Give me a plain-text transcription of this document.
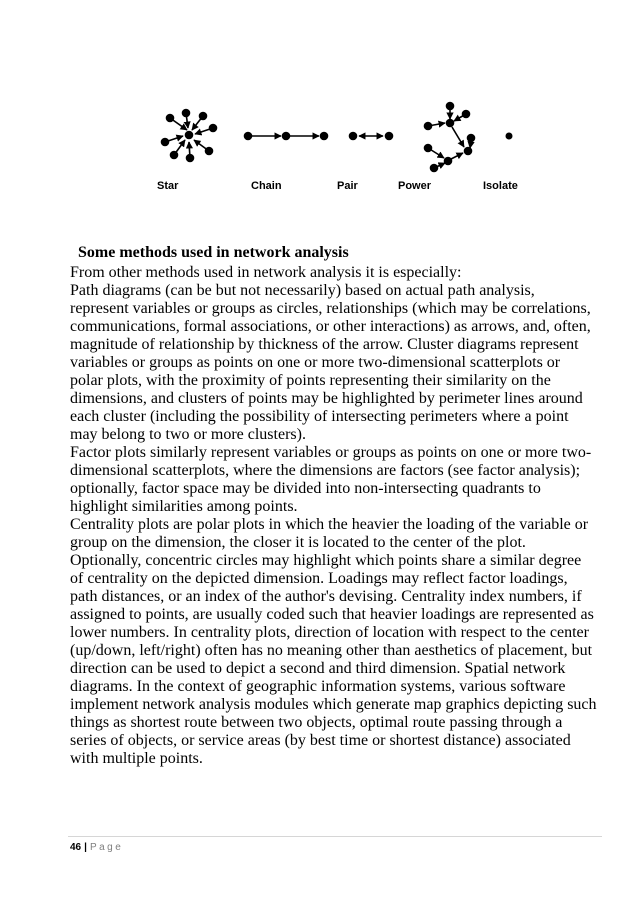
Star	Chain	Pair	Power	Isolate
Some methods used in network analysis
From other methods used in network analysis it is especially:
Path diagrams (can be but not necessarily) based on actual path analysis,
represent variables or groups as circles, relationships (which may be correlations,
communications, formal associations, or other interactions) as arrows, and, often,
magnitude of relationship by thickness of the arrow. Cluster diagrams represent
variables or groups as points on one or more two-dimensional scatterplots or
polar plots, with the proximity of points representing their similarity on the
dimensions, and clusters of points may be highlighted by perimeter lines around
each cluster (including the possibility of intersecting perimeters where a point
may belong to two or more clusters).
Factor plots similarly represent variables or groups as points on one or more two-
dimensional scatterplots, where the dimensions are factors (see factor analysis);
optionally, factor space may be divided into non-intersecting quadrants to
highlight similarities among points.
Centrality plots are polar plots in which the heavier the loading of the variable or
group on the dimension, the closer it is located to the center of the plot.
Optionally, concentric circles may highlight which points share a similar degree
of centrality on the depicted dimension. Loadings may reflect factor loadings,
path distances, or an index of the author's devising. Centrality index numbers, if
assigned to points, are usually coded such that heavier loadings are represented as
lower numbers. In centrality plots, direction of location with respect to the center
(up/down, left/right) often has no meaning other than aesthetics of placement, but
direction can be used to depict a second and third dimension. Spatial network
diagrams. In the context of geographic information systems, various software
implement network analysis modules which generate map graphics depicting such
things as shortest route between two objects, optimal route passing through a
series of objects, or service areas (by best time or shortest distance) associated
with multiple points.
46 | Page
